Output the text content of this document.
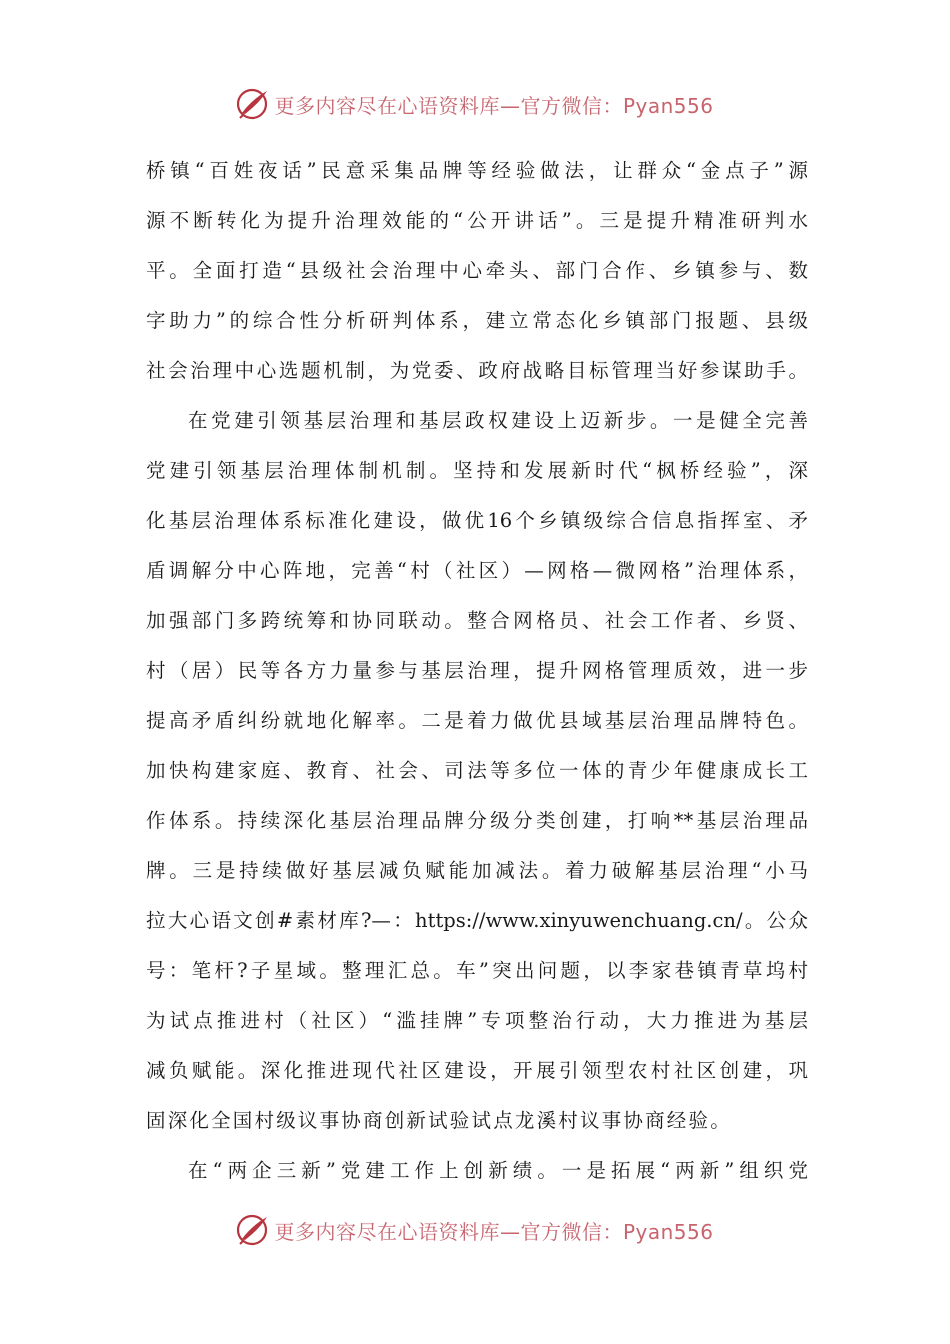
更多内容尽在心语资料库—官方微信：Pyan556

桥镇“百姓夜话”民意采集品牌等经验做法，让群众“金点子”源

源不断转化为提升治理效能的“公开讲话”。三是提升精准研判水

平。全面打造“县级社会治理中心牵头、部门合作、乡镇参与、数

字助力”的综合性分析研判体系，建立常态化乡镇部门报题、县级

社会治理中心选题机制，为党委、政府战略目标管理当好参谋助手。

在党建引领基层治理和基层政权建设上迈新步。一是健全完善

党建引领基层治理体制机制。坚持和发展新时代“枫桥经验”，深

化基层治理体系标准化建设，做优16个乡镇级综合信息指挥室、矛

盾调解分中心阵地，完善“村（社区）—网格—微网格”治理体系，

加强部门多跨统筹和协同联动。整合网格员、社会工作者、乡贤、

村（居）民等各方力量参与基层治理，提升网格管理质效，进一步

提高矛盾纠纷就地化解率。二是着力做优县域基层治理品牌特色。

加快构建家庭、教育、社会、司法等多位一体的青少年健康成长工

作体系。持续深化基层治理品牌分级分类创建，打响**基层治理品

牌。三是持续做好基层减负赋能加减法。着力破解基层治理“小马

拉大心语文创#素材库?—：https://www.xinyuwenchuang.cn/。公众

号：笔杆?子星域。整理汇总。车”突出问题，以李家巷镇青草坞村

为试点推进村（社区）“滥挂牌”专项整治行动，大力推进为基层

减负赋能。深化推进现代社区建设，开展引领型农村社区创建，巩

固深化全国村级议事协商创新试验试点龙溪村议事协商经验。

在“两企三新”党建工作上创新绩。一是拓展“两新”组织党

更多内容尽在心语资料库—官方微信：Pyan556
